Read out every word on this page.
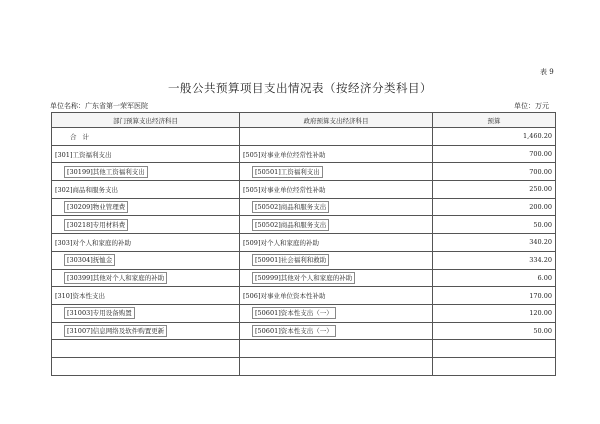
表 9
一般公共预算项目支出情况表（按经济分类科目）
单位名称：广东省第一荣军医院	单位：万元
部门预算支出经济科目	政府预算支出经济科目	预算
合计		1,460.20
[301]工资福利支出	[505]对事业单位经常性补助	700.00
[30199]其他工资福利支出	[50501]工资福利支出	700.00
[302]商品和服务支出	[505]对事业单位经常性补助	250.00
[30209]物业管理费	[50502]商品和服务支出	200.00
[30218]专用材料费	[50502]商品和服务支出	50.00
[303]对个人和家庭的补助	[509]对个人和家庭的补助	340.20
[30304]抚恤金	[50901]社会福利和救助	334.20
[30399]其他对个人和家庭的补助	[50999]其他对个人和家庭的补助	6.00
[310]资本性支出	[506]对事业单位资本性补助	170.00
[31003]专用设备购置	[50601]资本性支出（一）	120.00
[31007]信息网络及软件购置更新	[50601]资本性支出（一）	50.00
